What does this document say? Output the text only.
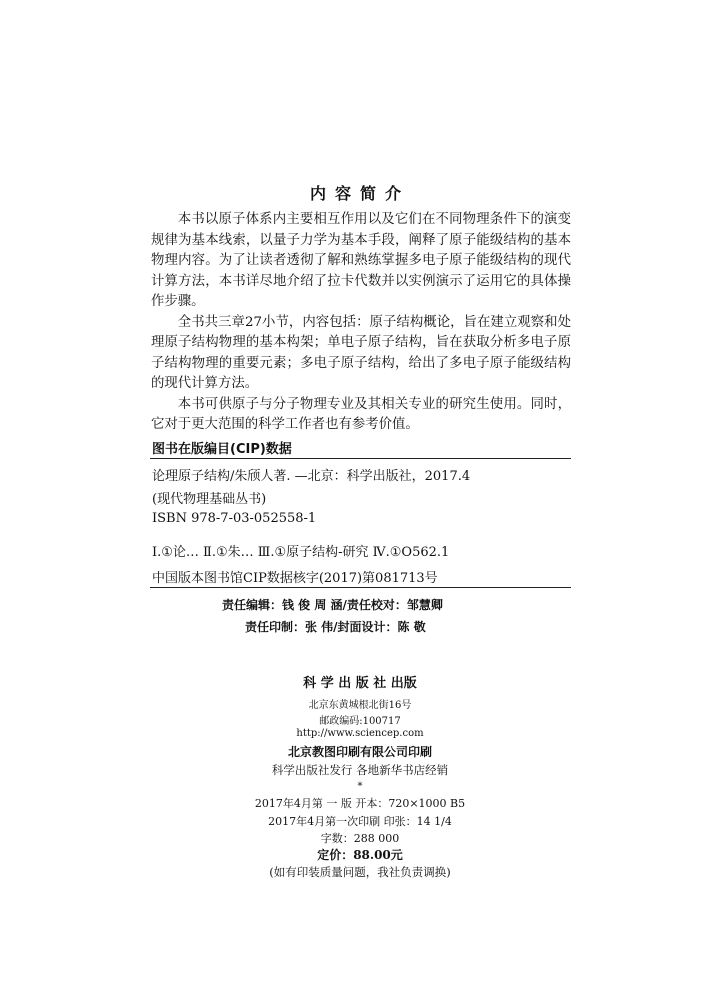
内容简介

本书以原子体系内主要相互作用以及它们在不同物理条件下的演变规律为基本线索，以量子力学为基本手段，阐释了原子能级结构的基本物理内容。为了让读者透彻了解和熟练掌握多电子原子能级结构的现代计算方法，本书详尽地介绍了拉卡代数并以实例演示了运用它的具体操作步骤。

全书共三章27小节，内容包括：原子结构概论，旨在建立观察和处理原子结构物理的基本构架；单电子原子结构，旨在获取分析多电子原子结构物理的重要元素；多电子原子结构，给出了多电子原子能级结构的现代计算方法。

本书可供原子与分子物理专业及其相关专业的研究生使用。同时，它对于更大范围的科学工作者也有参考价值。

图书在版编目(CIP)数据
论理原子结构/朱颀人著. —北京：科学出版社，2017.4
(现代物理基础丛书)
ISBN 978-7-03-052558-1
Ⅰ.①论… Ⅱ.①朱… Ⅲ.①原子结构-研究 Ⅳ.①O562.1
中国版本图书馆CIP数据核字(2017)第081713号
责任编辑：钱 俊 周 涵/责任校对：邹慧卿
责任印制：张 伟/封面设计：陈 敬
科 学 出 版 社 出版
北京东黄城根北街16号
邮政编码:100717
http://www.sciencep.com
北京教图印刷有限公司印刷
科学出版社发行 各地新华书店经销
*
2017年4月第 一 版 开本：720×1000 B5
2017年4月第一次印刷 印张：14 1/4
字数：288 000
定价：88.00元
(如有印装质量问题，我社负责调换)
